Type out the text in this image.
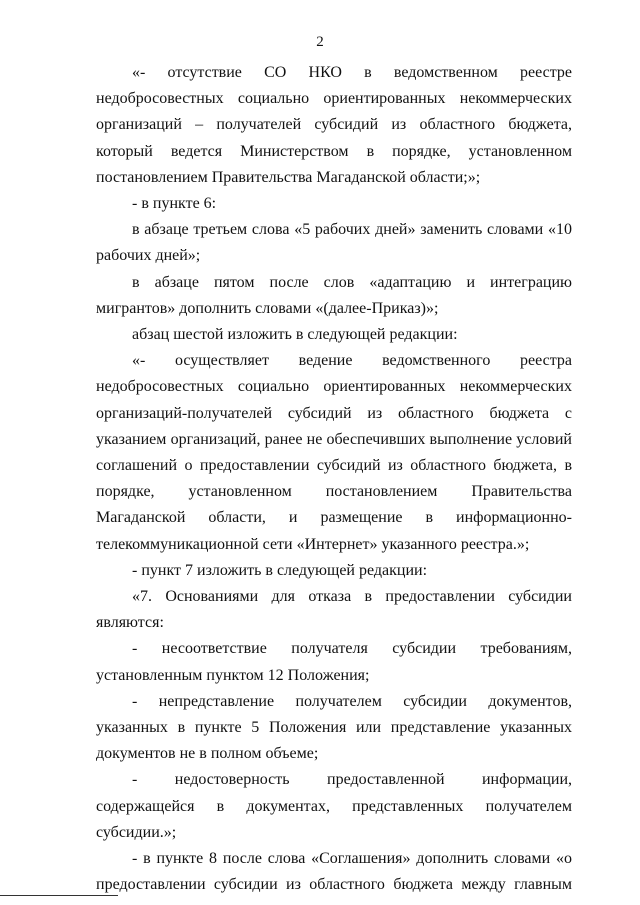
2

«- отсутствие СО НКО в ведомственном реестре недобросовестных социально ориентированных некоммерческих организаций – получателей субсидий из областного бюджета, который ведется Министерством в порядке, установленном постановлением Правительства Магаданской области;»;

- в пункте 6:

в абзаце третьем слова «5 рабочих дней» заменить словами «10 рабочих дней»;

в абзаце пятом после слов «адаптацию и интеграцию мигрантов» дополнить словами «(далее-Приказ)»;

абзац шестой изложить в следующей редакции:

«- осуществляет ведение ведомственного реестра недобросовестных социально ориентированных некоммерческих организаций-получателей субсидий из областного бюджета с указанием организаций, ранее не обеспечивших выполнение условий соглашений о предоставлении субсидий из областного бюджета, в порядке, установленном постановлением Правительства Магаданской области, и размещение в информационно-телекоммуникационной сети «Интернет» указанного реестра.»;

- пункт 7 изложить в следующей редакции:

«7. Основаниями для отказа в предоставлении субсидии являются:

- несоответствие получателя субсидии требованиям, установленным пунктом 12 Положения;

- непредставление получателем субсидии документов, указанных в пункте 5 Положения или представление указанных документов не в полном объеме;

- недостоверность предоставленной информации, содержащейся в документах, представленных получателем субсидии.»;

- в пункте 8 после слова «Соглашения» дополнить словами «о предоставлении субсидии из областного бюджета между главным
